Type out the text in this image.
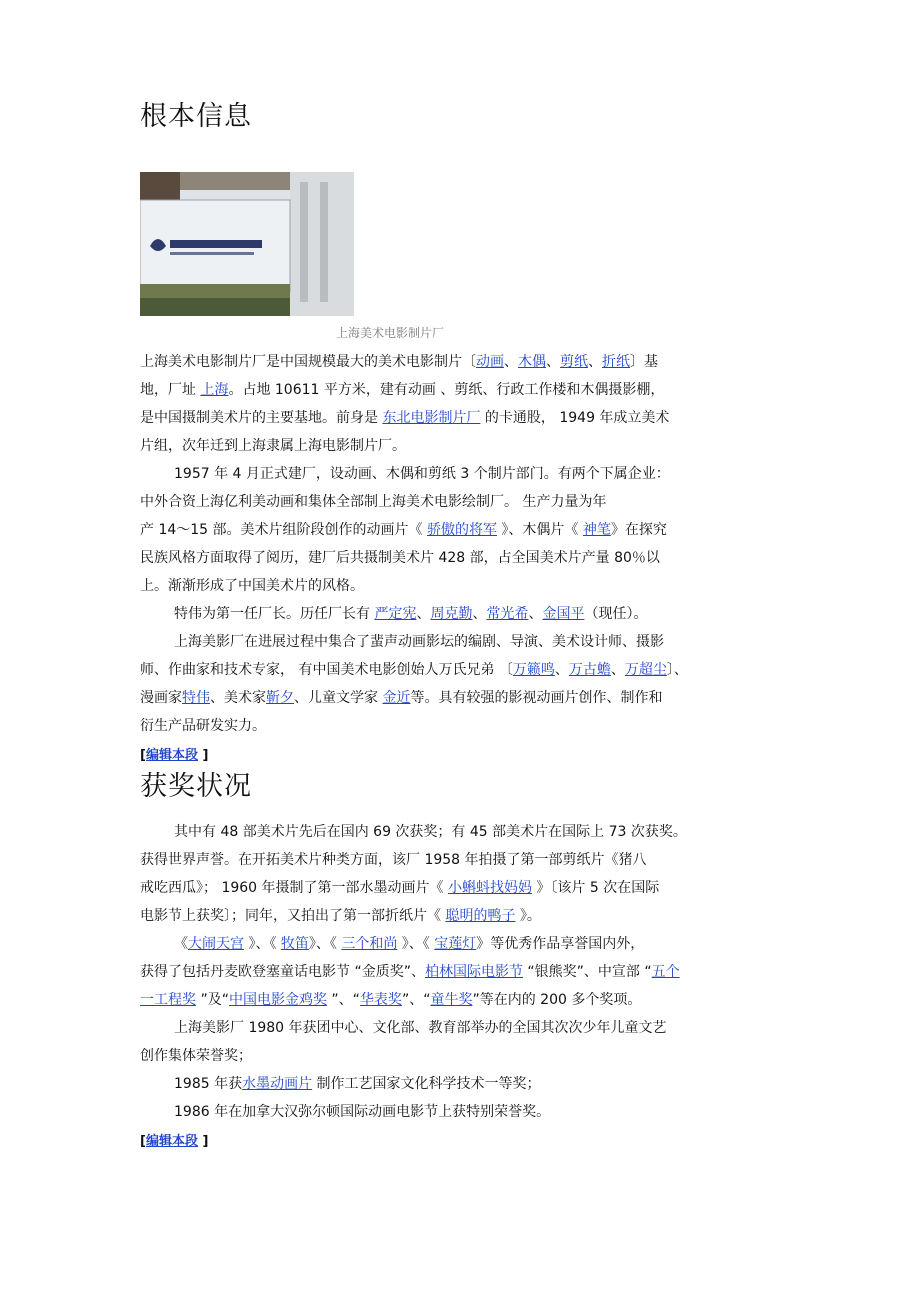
根本信息
上海美术电影制片厂
上海美术电影制片厂是中国规模最大的美术电影制片〔动画、木偶、剪纸、折纸〕基
地，厂址 上海。占地 10611 平方米，建有动画 、剪纸、行政工作楼和木偶摄影棚，
是中国摄制美术片的主要基地。前身是 东北电影制片厂 的卡通股， 1949 年成立美术
片组，次年迁到上海隶属上海电影制片厂。
1957 年 4 月正式建厂，设动画、木偶和剪纸 3 个制片部门。有两个下属企业：
中外合资上海亿利美动画和集体全部制上海美术电影绘制厂。 生产力量为年
产 14～15 部。美术片组阶段创作的动画片《 骄傲的将军 》、木偶片《 神笔》在探究
民族风格方面取得了阅历，建厂后共摄制美术片 428 部，占全国美术片产量 80％以
上。渐渐形成了中国美术片的风格。
特伟为第一任厂长。历任厂长有 严定宪、周克勤、常光希、金国平（现任）。
上海美影厂在进展过程中集合了蜚声动画影坛的编剧、导演、美术设计师、摄影
师、作曲家和技术专家， 有中国美术电影创始人万氏兄弟 〔万籁鸣、万古蟾、万超尘〕、
漫画家特伟、美术家靳夕、儿童文学家 金近等。具有较强的影视动画片创作、制作和
衍生产品研发实力。
[编辑本段 ]
获奖状况
其中有 48 部美术片先后在国内 69 次获奖；有 45 部美术片在国际上 73 次获奖。
获得世界声誉。在开拓美术片种类方面，该厂 1958 年拍摄了第一部剪纸片《猪八
戒吃西瓜》； 1960 年摄制了第一部水墨动画片《 小蝌蚪找妈妈 》〔该片 5 次在国际
电影节上获奖〕；同年，又拍出了第一部折纸片《 聪明的鸭子 》。
《大闹天宫 》、《 牧笛》、《 三个和尚 》、《 宝莲灯》等优秀作品享誉国内外，
获得了包括丹麦欧登塞童话电影节 “金质奖”、柏林国际电影节 “银熊奖”、中宣部 “五个
一工程奖 ”及“中国电影金鸡奖 ”、“华表奖”、“童牛奖”等在内的 200 多个奖项。
上海美影厂 1980 年获团中心、文化部、教育部举办的全国其次次少年儿童文艺
创作集体荣誉奖；
1985 年获水墨动画片 制作工艺国家文化科学技术一等奖；
1986 年在加拿大汉弥尔顿国际动画电影节上获特别荣誉奖。
[编辑本段 ]
